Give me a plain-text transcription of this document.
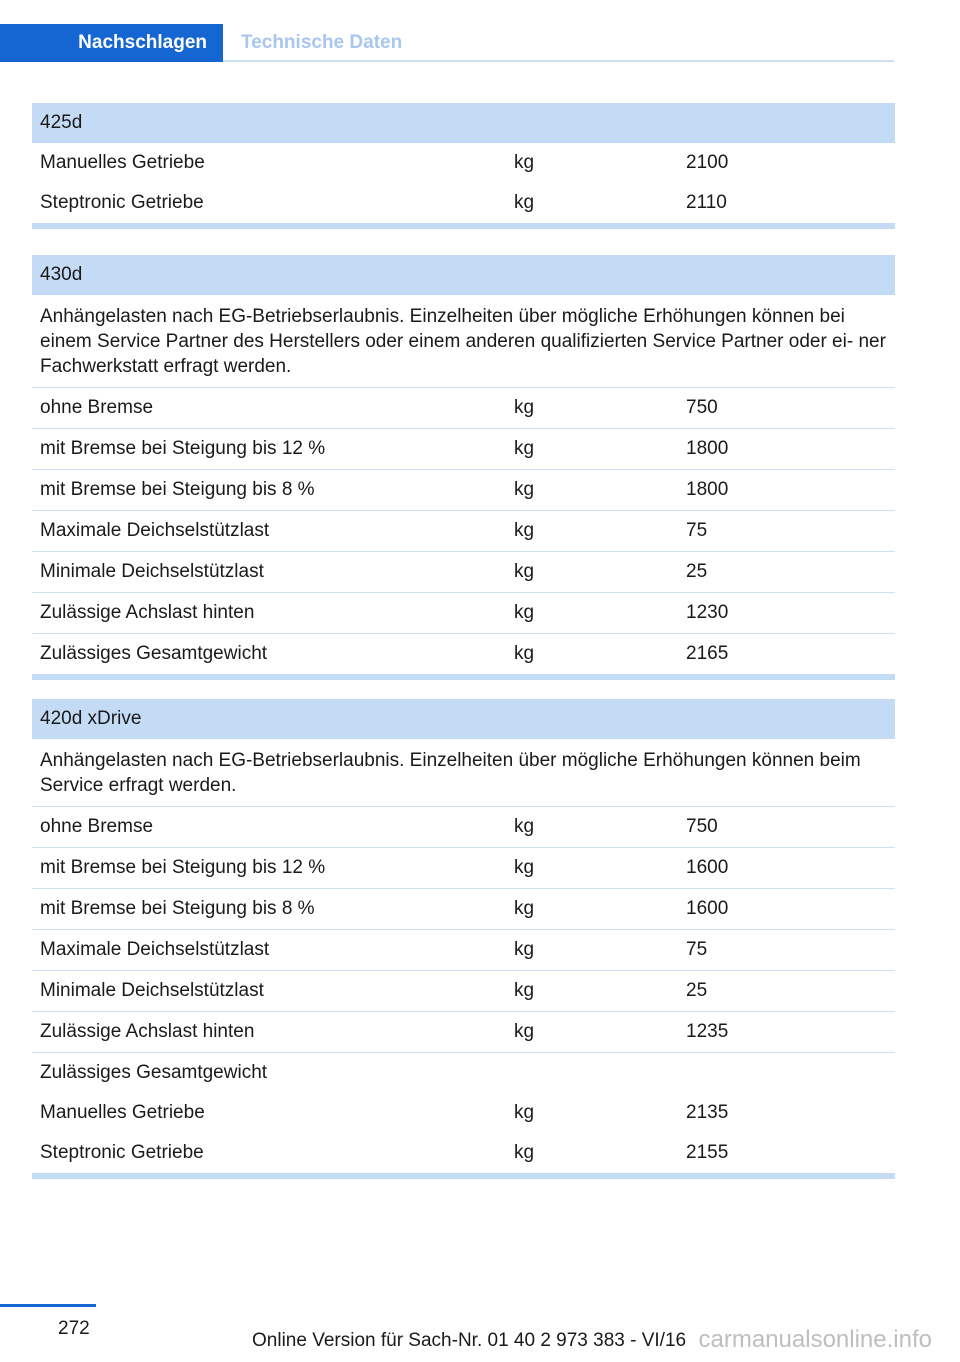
Nachschlagen	Technische Daten
425d
Manuelles Getriebe	kg	2100
Steptronic Getriebe	kg	2110
430d
Anhängelasten nach EG-Betriebserlaubnis. Einzelheiten über mögliche Erhöhungen können bei einem Service Partner des Herstellers oder einem anderen qualifizierten Service Partner oder ei- ner Fachwerkstatt erfragt werden.
ohne Bremse	kg	750
mit Bremse bei Steigung bis 12 %	kg	1800
mit Bremse bei Steigung bis 8 %	kg	1800
Maximale Deichselstützlast	kg	75
Minimale Deichselstützlast	kg	25
Zulässige Achslast hinten	kg	1230
Zulässiges Gesamtgewicht	kg	2165
420d xDrive
Anhängelasten nach EG-Betriebserlaubnis. Einzelheiten über mögliche Erhöhungen können beim Service erfragt werden.
ohne Bremse	kg	750
mit Bremse bei Steigung bis 12 %	kg	1600
mit Bremse bei Steigung bis 8 %	kg	1600
Maximale Deichselstützlast	kg	75
Minimale Deichselstützlast	kg	25
Zulässige Achslast hinten	kg	1235
Zulässiges Gesamtgewicht
Manuelles Getriebe	kg	2135
Steptronic Getriebe	kg	2155
272
Online Version für Sach-Nr. 01 40 2 973 383 - VI/16 carmanualsonline.info
